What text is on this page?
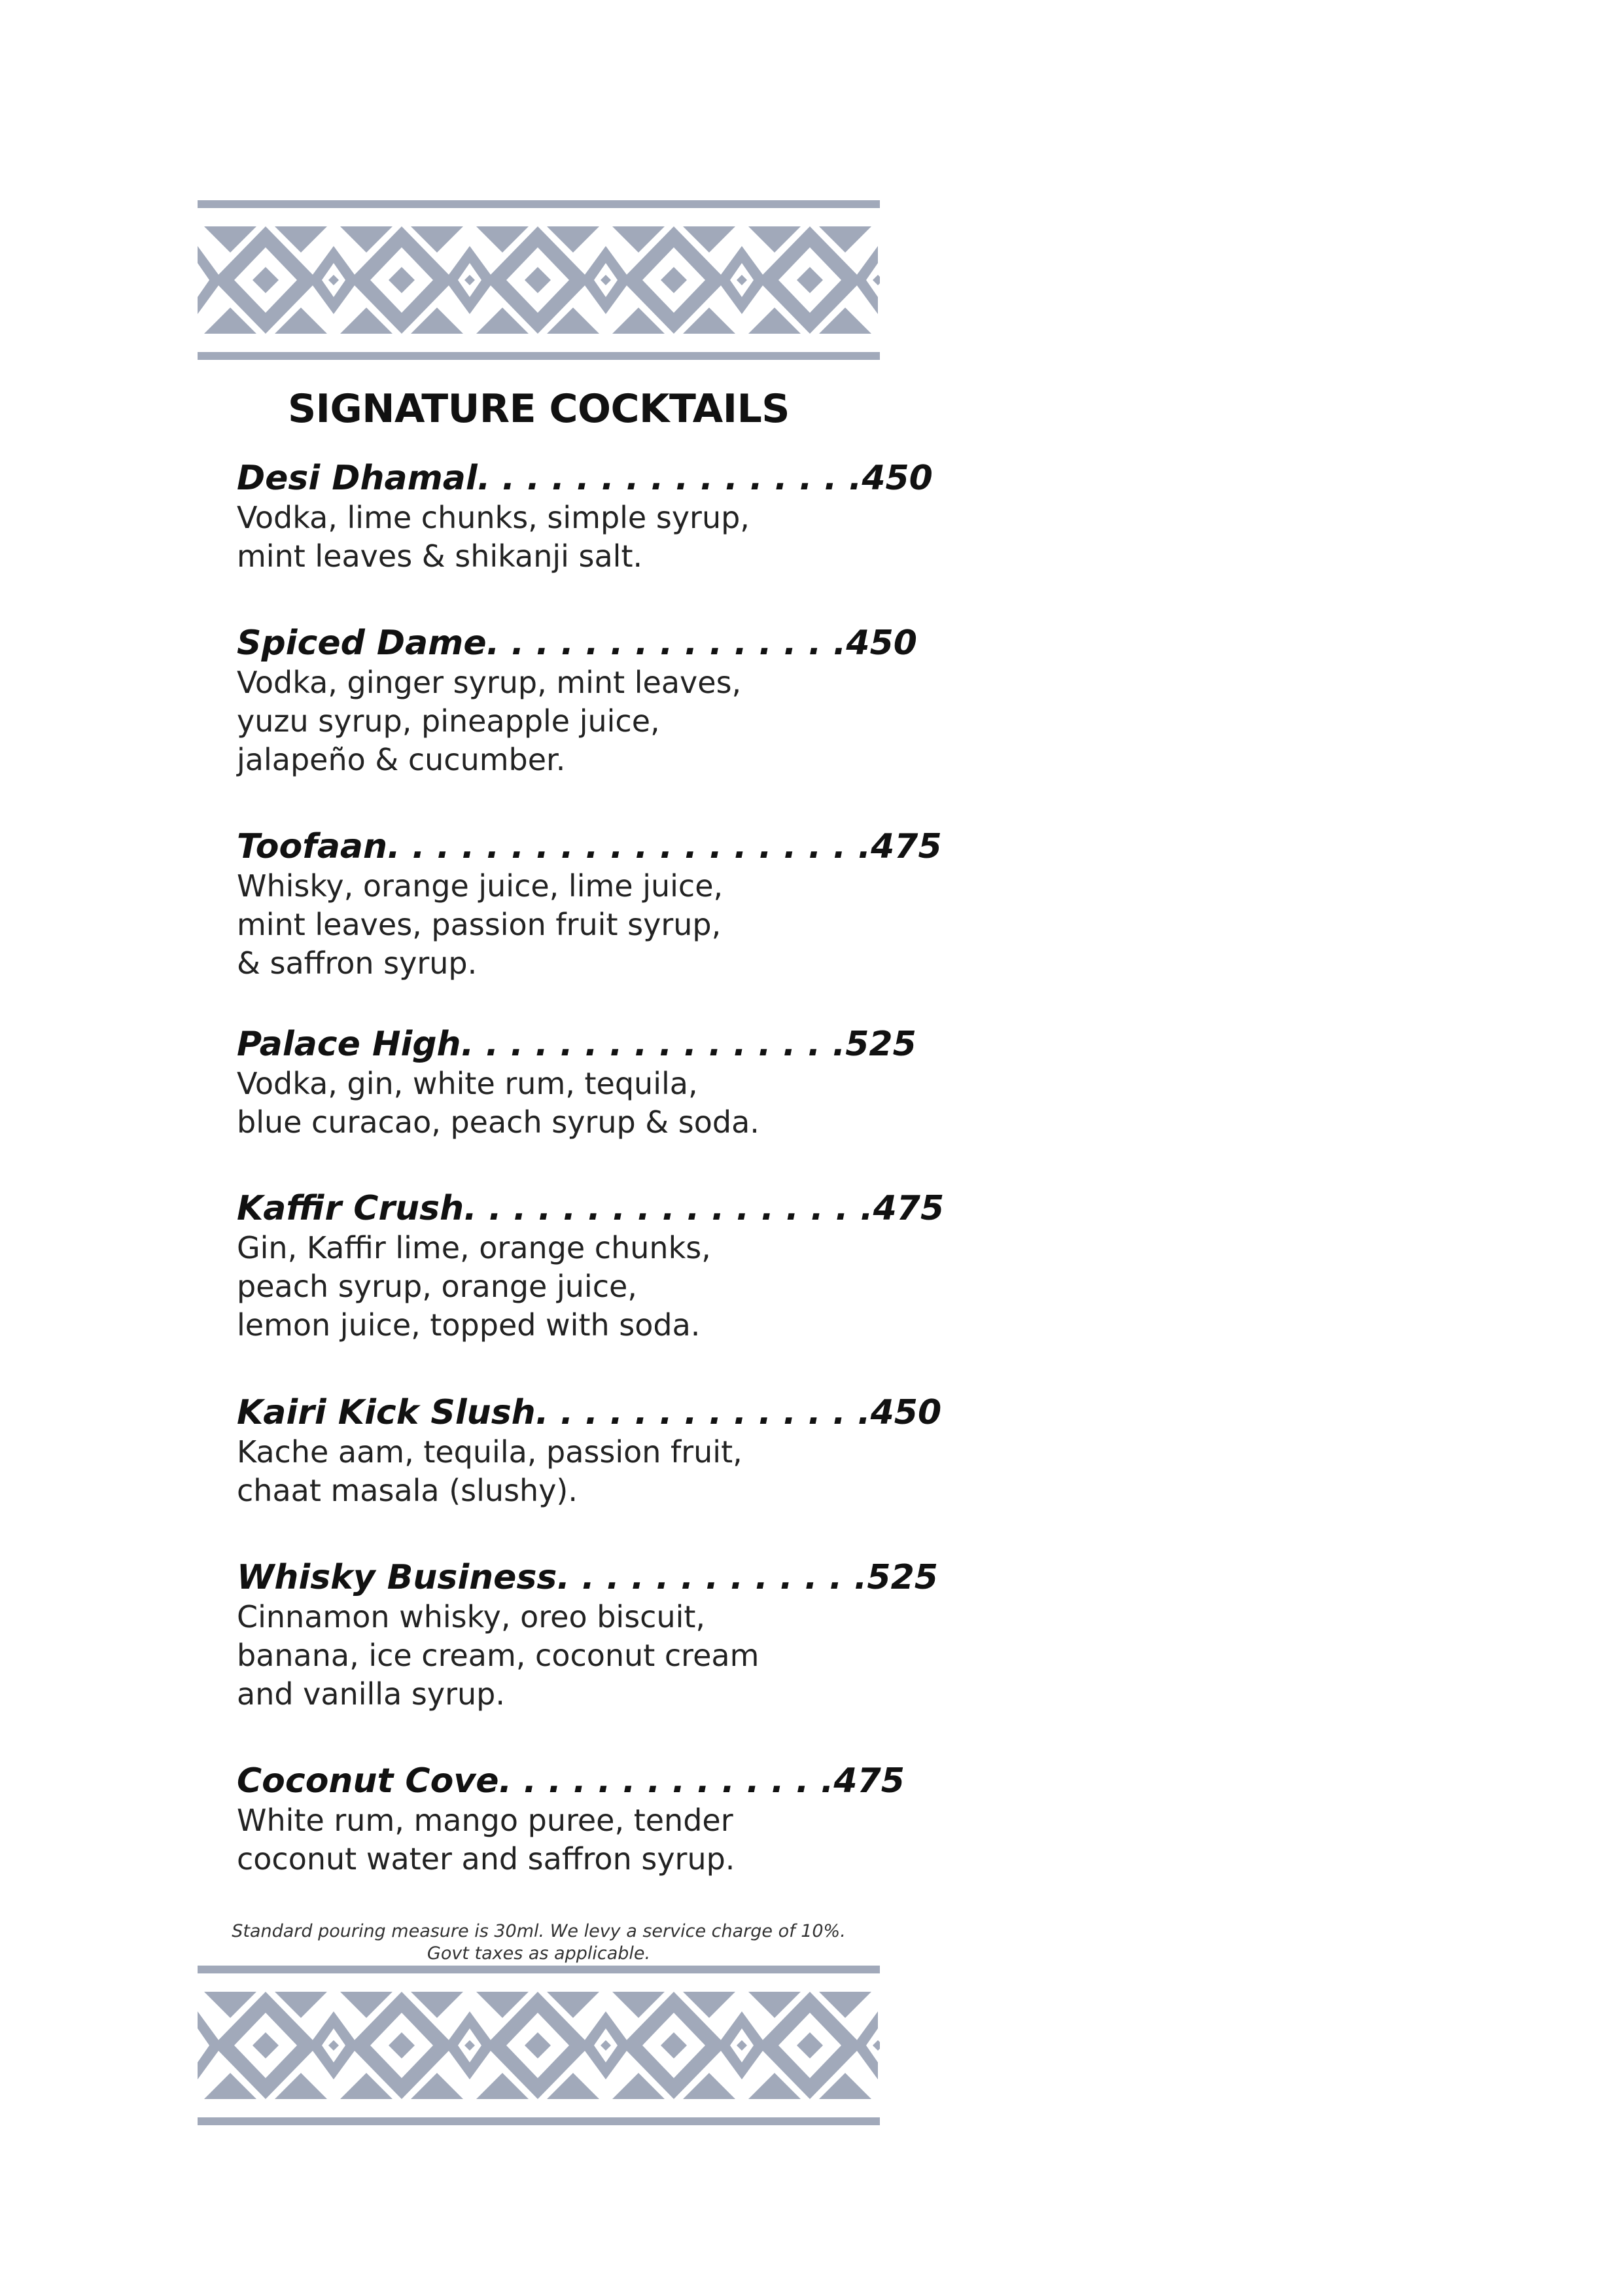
SIGNATURE COCKTAILS
Desi Dhamal . . . . . . . . . . . . . . . . 450
Vodka, lime chunks, simple syrup,
mint leaves & shikanji salt.
Spiced Dame . . . . . . . . . . . . . . . 450
Vodka, ginger syrup, mint leaves,
yuzu syrup, pineapple juice,
jalapeño & cucumber.
Toofaan . . . . . . . . . . . . . . . . . . . . 475
Whisky, orange juice, lime juice,
mint leaves, passion fruit syrup,
& saffron syrup.
Palace High . . . . . . . . . . . . . . . . 525
Vodka, gin, white rum, tequila,
blue curacao, peach syrup & soda.
Kaffir Crush . . . . . . . . . . . . . . . . . 475
Gin, Kaffir lime, orange chunks,
peach syrup, orange juice,
lemon juice, topped with soda.
Kairi Kick Slush . . . . . . . . . . . . . . 450
Kache aam, tequila, passion fruit,
chaat masala (slushy).
Whisky Business . . . . . . . . . . . . . 525
Cinnamon whisky, oreo biscuit,
banana, ice cream, coconut cream
and vanilla syrup.
Coconut Cove . . . . . . . . . . . . . . 475
White rum, mango puree, tender
coconut water and saffron syrup.
Standard pouring measure is 30ml. We levy a service charge of 10%.
Govt taxes as applicable.
